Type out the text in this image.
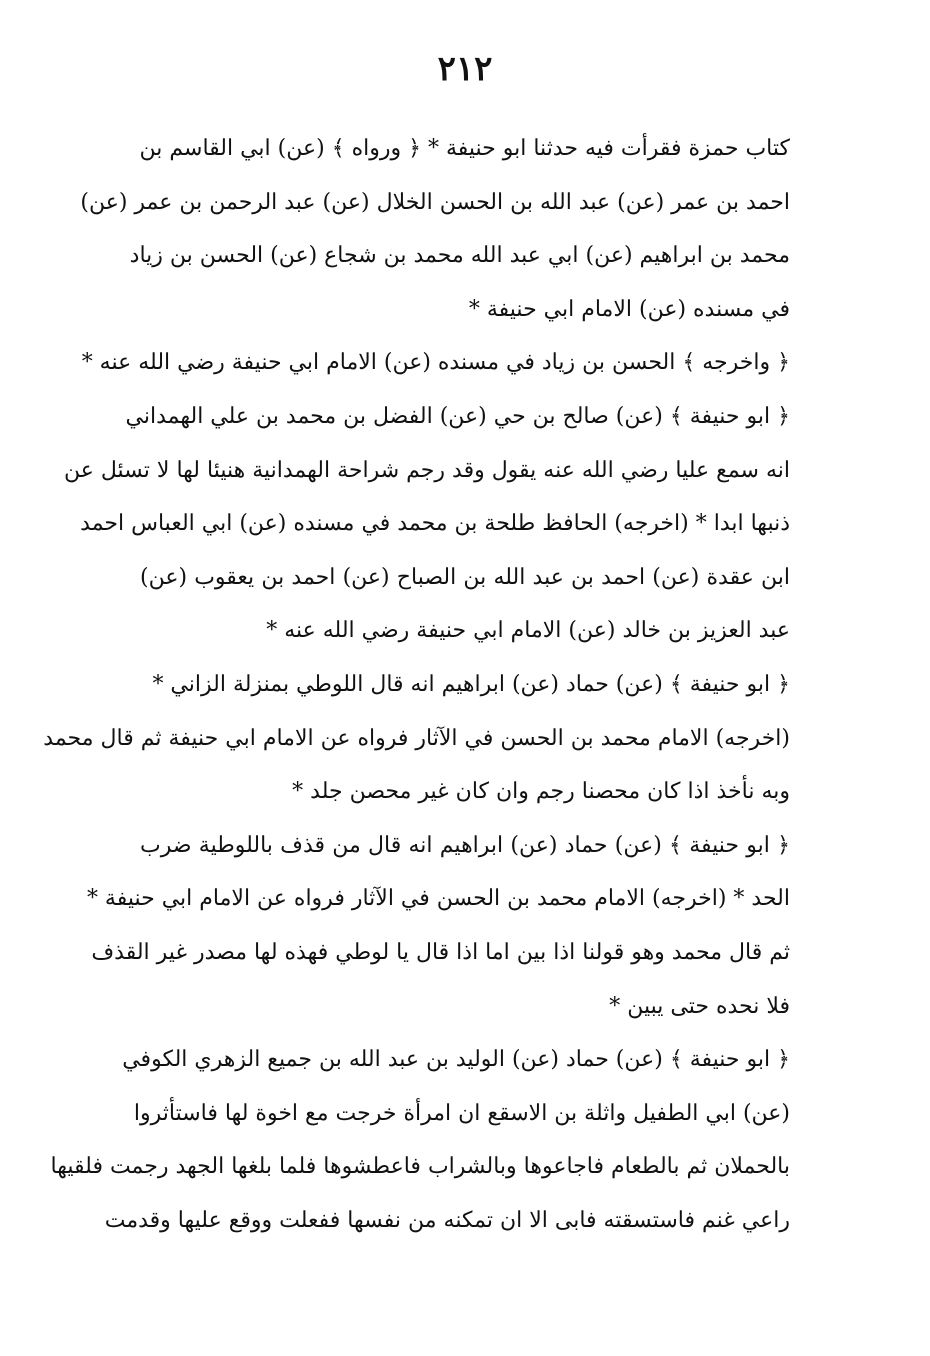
٢١٢
كتاب حمزة فقرأت فيه حدثنا ابو حنيفة * ﴿ ورواه ﴾ (عن) ابي القاسم بن
احمد بن عمر (عن) عبد الله بن الحسن الخلال (عن) عبد الرحمن بن عمر (عن)
محمد بن ابراهيم (عن) ابي عبد الله محمد بن شجاع (عن) الحسن بن زياد
في مسنده (عن) الامام ابي حنيفة *
﴿ واخرجه ﴾ الحسن بن زياد في مسنده (عن) الامام ابي حنيفة رضي الله عنه *
﴿ ابو حنيفة ﴾ (عن) صالح بن حي (عن) الفضل بن محمد بن علي الهمداني
انه سمع عليا رضي الله عنه يقول وقد رجم شراحة الهمدانية هنيئا لها لا تسئل عن
ذنبها ابدا * (اخرجه) الحافظ طلحة بن محمد في مسنده (عن) ابي العباس احمد
ابن عقدة (عن) احمد بن عبد الله بن الصباح (عن) احمد بن يعقوب (عن)
عبد العزيز بن خالد (عن) الامام ابي حنيفة رضي الله عنه *
﴿ ابو حنيفة ﴾ (عن) حماد (عن) ابراهيم انه قال اللوطي بمنزلة الزاني *
(اخرجه) الامام محمد بن الحسن في الآثار فرواه عن الامام ابي حنيفة ثم قال محمد
وبه نأخذ اذا كان محصنا رجم وان كان غير محصن جلد *
﴿ ابو حنيفة ﴾ (عن) حماد (عن) ابراهيم انه قال من قذف باللوطية ضرب
الحد * (اخرجه) الامام محمد بن الحسن في الآثار فرواه عن الامام ابي حنيفة *
ثم قال محمد وهو قولنا اذا بين اما اذا قال يا لوطي فهذه لها مصدر غير القذف
فلا نحده حتى يبين *
﴿ ابو حنيفة ﴾ (عن) حماد (عن) الوليد بن عبد الله بن جميع الزهري الكوفي
(عن) ابي الطفيل واثلة بن الاسقع ان امرأة خرجت مع اخوة لها فاستأثروا
بالحملان ثم بالطعام فاجاعوها وبالشراب فاعطشوها فلما بلغها الجهد رجمت فلقيها
راعي غنم فاستسقته فابى الا ان تمكنه من نفسها ففعلت ووقع عليها وقدمت
